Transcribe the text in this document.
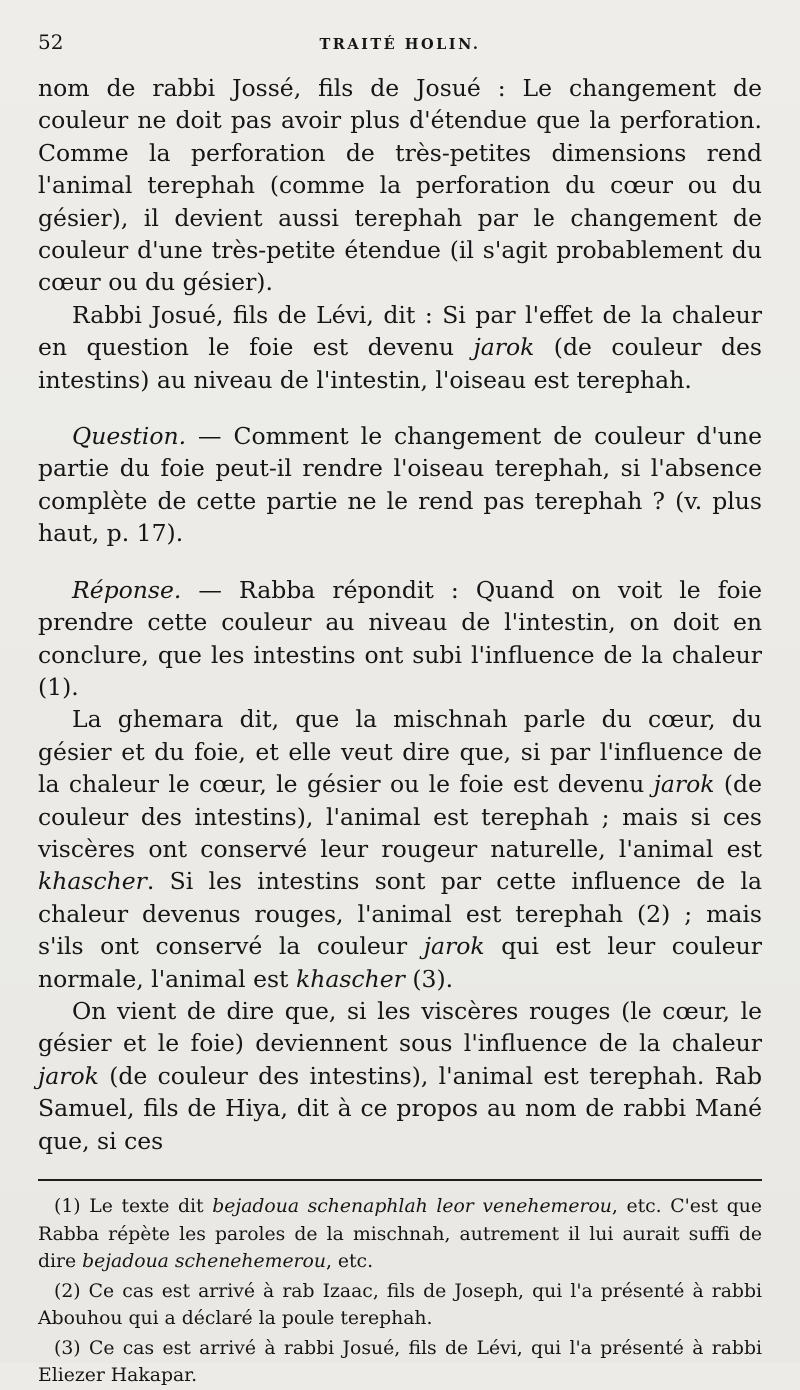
52	TRAITÉ HOLIN.

nom de rabbi Jossé, fils de Josué : Le changement de couleur ne doit pas avoir plus d'étendue que la perforation. Comme la perforation de très-petites dimensions rend l'animal terephah (comme la perforation du cœur ou du gésier), il devient aussi terephah par le changement de couleur d'une très-petite étendue (il s'agit probablement du cœur ou du gésier).

Rabbi Josué, fils de Lévi, dit : Si par l'effet de la chaleur en question le foie est devenu jarok (de couleur des intestins) au niveau de l'intestin, l'oiseau est terephah.

Question. — Comment le changement de couleur d'une partie du foie peut-il rendre l'oiseau terephah, si l'absence complète de cette partie ne le rend pas terephah ? (v. plus haut, p. 17).

Réponse. — Rabba répondit : Quand on voit le foie prendre cette couleur au niveau de l'intestin, on doit en conclure, que les intestins ont subi l'influence de la chaleur (1).

La ghemara dit, que la mischnah parle du cœur, du gésier et du foie, et elle veut dire que, si par l'influence de la chaleur le cœur, le gésier ou le foie est devenu jarok (de couleur des intestins), l'animal est terephah ; mais si ces viscères ont conservé leur rougeur naturelle, l'animal est khascher. Si les intestins sont par cette influence de la chaleur devenus rouges, l'animal est terephah (2) ; mais s'ils ont conservé la couleur jarok qui est leur couleur normale, l'animal est khascher (3).

On vient de dire que, si les viscères rouges (le cœur, le gésier et le foie) deviennent sous l'influence de la chaleur jarok (de couleur des intestins), l'animal est terephah. Rab Samuel, fils de Hiya, dit à ce propos au nom de rabbi Mané que, si ces

(1) Le texte dit bejadoua schenaphlah leor venehemerou, etc. C'est que Rabba répète les paroles de la mischnah, autrement il lui aurait suffi de dire bejadoua schenehemerou, etc.

(2) Ce cas est arrivé à rab Izaac, fils de Joseph, qui l'a présenté à rabbi Abouhou qui a déclaré la poule terephah.

(3) Ce cas est arrivé à rabbi Josué, fils de Lévi, qui l'a présenté à rabbi Eliezer Hakapar.
